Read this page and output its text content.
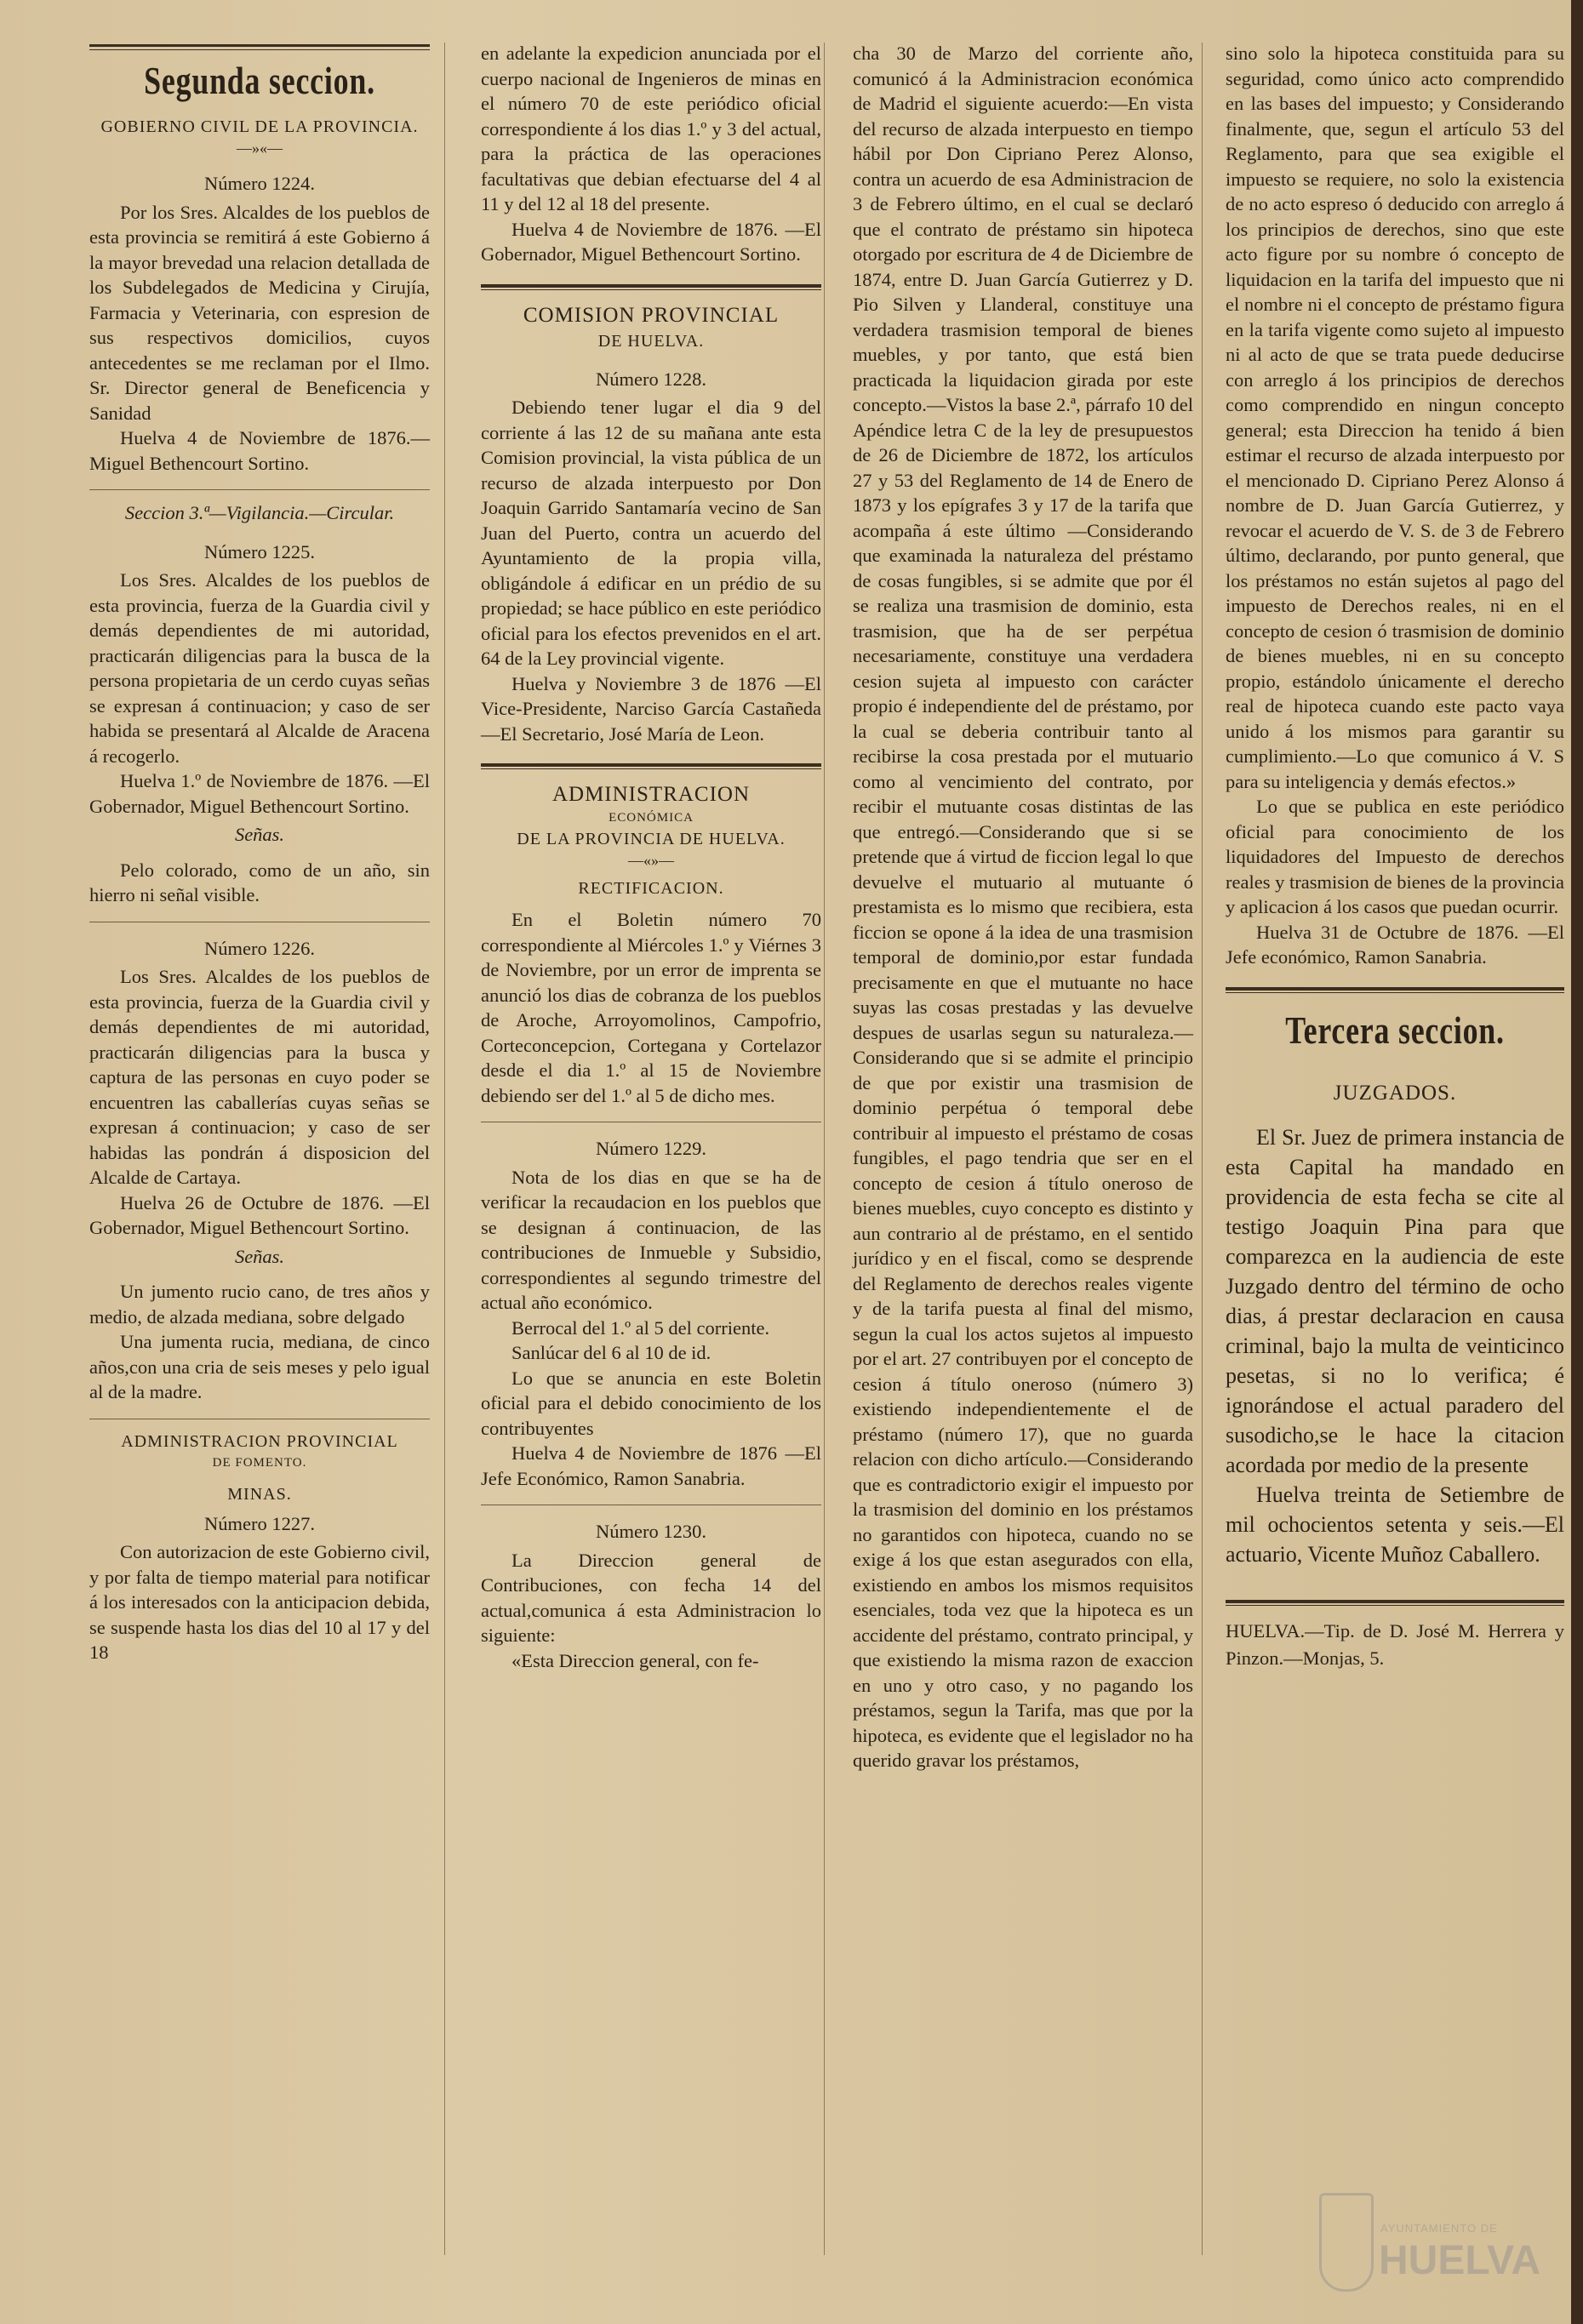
Segunda seccion.
GOBIERNO CIVIL DE LA PROVINCIA.
—»«—
Número 1224.

Por los Sres. Alcaldes de los pueblos de esta provincia se remitirá á este Gobierno á la mayor brevedad una relacion detallada de los Subdelegados de Medicina y Cirujía, Farmacia y Veterinaria, con espresion de sus respectivos domicilios, cuyos antecedentes se me reclaman por el Ilmo. Sr. Director general de Beneficencia y Sanidad

Huelva 4 de Noviembre de 1876.—Miguel Bethencourt Sortino.

Seccion 3.ª—Vigilancia.—Circular.
Número 1225.

Los Sres. Alcaldes de los pueblos de esta provincia, fuerza de la Guardia civil y demás dependientes de mi autoridad, practicarán diligencias para la busca de la persona propietaria de un cerdo cuyas señas se expresan á continuacion; y caso de ser habida se presentará al Alcalde de Aracena á recogerlo.

Huelva 1.º de Noviembre de 1876. —El Gobernador, Miguel Bethencourt Sortino.

Señas.

Pelo colorado, como de un año, sin hierro ni señal visible.

Número 1226.

Los Sres. Alcaldes de los pueblos de esta provincia, fuerza de la Guardia civil y demás dependientes de mi autoridad, practicarán diligencias para la busca y captura de las personas en cuyo poder se encuentren las caballerías cuyas señas se expresan á continuacion; y caso de ser habidas las pondrán á disposicion del Alcalde de Cartaya.

Huelva 26 de Octubre de 1876. —El Gobernador, Miguel Bethencourt Sortino.

Señas.

Un jumento rucio cano, de tres años y medio, de alzada mediana, sobre delgado

Una jumenta rucia, mediana, de cinco años,con una cria de seis meses y pelo igual al de la madre.

ADMINISTRACION PROVINCIAL
DE FOMENTO.
MINAS.
Número 1227.

Con autorizacion de este Gobierno civil, y por falta de tiempo material para notificar á los interesados con la anticipacion debida, se suspende hasta los dias del 10 al 17 y del 18

en adelante la expedicion anunciada por el cuerpo nacional de Ingenieros de minas en el número 70 de este periódico oficial correspondiente á los dias 1.º y 3 del actual, para la práctica de las operaciones facultativas que debian efectuarse del 4 al 11 y del 12 al 18 del presente.

Huelva 4 de Noviembre de 1876. —El Gobernador, Miguel Bethencourt Sortino.

COMISION PROVINCIAL
DE HUELVA.
Número 1228.

Debiendo tener lugar el dia 9 del corriente á las 12 de su mañana ante esta Comision provincial, la vista pública de un recurso de alzada interpuesto por Don Joaquin Garrido Santamaría vecino de San Juan del Puerto, contra un acuerdo del Ayuntamiento de la propia villa, obligándole á edificar en un prédio de su propiedad; se hace público en este periódico oficial para los efectos prevenidos en el art. 64 de la Ley provincial vigente.

Huelva y Noviembre 3 de 1876 —El Vice-Presidente, Narciso García Castañeda —El Secretario, José María de Leon.

ADMINISTRACION
ECONÓMICA
DE LA PROVINCIA DE HUELVA.
—«»—
RECTIFICACION.

En el Boletin número 70 correspondiente al Miércoles 1.º y Viérnes 3 de Noviembre, por un error de imprenta se anunció los dias de cobranza de los pueblos de Aroche, Arroyomolinos, Campofrio, Corteconcepcion, Cortegana y Cortelazor desde el dia 1.º al 15 de Noviembre debiendo ser del 1.º al 5 de dicho mes.

Número 1229.

Nota de los dias en que se ha de verificar la recaudacion en los pueblos que se designan á continuacion, de las contribuciones de Inmueble y Subsidio, correspondientes al segundo trimestre del actual año económico.

Berrocal del 1.º al 5 del corriente.

Sanlúcar del 6 al 10 de id.

Lo que se anuncia en este Boletin oficial para el debido conocimiento de los contribuyentes

Huelva 4 de Noviembre de 1876 —El Jefe Económico, Ramon Sanabria.

Número 1230.

La Direccion general de Contribuciones, con fecha 14 del actual,comunica á esta Administracion lo siguiente:

«Esta Direccion general, con fe-

cha 30 de Marzo del corriente año, comunicó á la Administracion económica de Madrid el siguiente acuerdo:—En vista del recurso de alzada interpuesto en tiempo hábil por Don Cipriano Perez Alonso, contra un acuerdo de esa Administracion de 3 de Febrero último, en el cual se declaró que el contrato de préstamo sin hipoteca otorgado por escritura de 4 de Diciembre de 1874, entre D. Juan García Gutierrez y D. Pio Silven y Llanderal, constituye una verdadera trasmision temporal de bienes muebles, y por tanto, que está bien practicada la liquidacion girada por este concepto.—Vistos la base 2.ª, párrafo 10 del Apéndice letra C de la ley de presupuestos de 26 de Diciembre de 1872, los artículos 27 y 53 del Reglamento de 14 de Enero de 1873 y los epígrafes 3 y 17 de la tarifa que acompaña á este último —Considerando que examinada la naturaleza del préstamo de cosas fungibles, si se admite que por él se realiza una trasmision de dominio, esta trasmision, que ha de ser perpétua necesariamente, constituye una verdadera cesion sujeta al impuesto con carácter propio é independiente del de préstamo, por la cual se deberia contribuir tanto al recibirse la cosa prestada por el mutuario como al vencimiento del contrato, por recibir el mutuante cosas distintas de las que entregó.—Considerando que si se pretende que á virtud de ficcion legal lo que devuelve el mutuario al mutuante ó prestamista es lo mismo que recibiera, esta ficcion se opone á la idea de una trasmision temporal de dominio,por estar fundada precisamente en que el mutuante no hace suyas las cosas prestadas y las devuelve despues de usarlas segun su naturaleza.—Considerando que si se admite el principio de que por existir una trasmision de dominio perpétua ó temporal debe contribuir al impuesto el préstamo de cosas fungibles, el pago tendria que ser en el concepto de cesion á título oneroso de bienes muebles, cuyo concepto es distinto y aun contrario al de préstamo, en el sentido jurídico y en el fiscal, como se desprende del Reglamento de derechos reales vigente y de la tarifa puesta al final del mismo, segun la cual los actos sujetos al impuesto por el art. 27 contribuyen por el concepto de cesion á título oneroso (número 3) existiendo independientemente el de préstamo (número 17), que no guarda relacion con dicho artículo.—Considerando que es contradictorio exigir el impuesto por la trasmision del dominio en los préstamos no garantidos con hipoteca, cuando no se exige á los que estan asegurados con ella, existiendo en ambos los mismos requisitos esenciales, toda vez que la hipoteca es un accidente del préstamo, contrato principal, y que existiendo la misma razon de exaccion en uno y otro caso, y no pagando los préstamos, segun la Tarifa, mas que por la hipoteca, es evidente que el legislador no ha querido gravar los préstamos,

sino solo la hipoteca constituida para su seguridad, como único acto comprendido en las bases del impuesto; y Considerando finalmente, que, segun el artículo 53 del Reglamento, para que sea exigible el impuesto se requiere, no solo la existencia de no acto espreso ó deducido con arreglo á los principios de derechos, sino que este acto figure por su nombre ó concepto de liquidacion en la tarifa del impuesto que ni el nombre ni el concepto de préstamo figura en la tarifa vigente como sujeto al impuesto ni al acto de que se trata puede deducirse con arreglo á los principios de derechos como comprendido en ningun concepto general; esta Direccion ha tenido á bien estimar el recurso de alzada interpuesto por el mencionado D. Cipriano Perez Alonso á nombre de D. Juan García Gutierrez, y revocar el acuerdo de V. S. de 3 de Febrero último, declarando, por punto general, que los préstamos no están sujetos al pago del impuesto de Derechos reales, ni en el concepto de cesion ó trasmision de dominio de bienes muebles, ni en su concepto propio, estándolo únicamente el derecho real de hipoteca cuando este pacto vaya unido á los mismos para garantir su cumplimiento.—Lo que comunico á V. S para su inteligencia y demás efectos.»

Lo que se publica en este periódico oficial para conocimiento de los liquidadores del Impuesto de derechos reales y trasmision de bienes de la provincia y aplicacion á los casos que puedan ocurrir.

Huelva 31 de Octubre de 1876. —El Jefe económico, Ramon Sanabria.

Tercera seccion.
JUZGADOS.

El Sr. Juez de primera instancia de esta Capital ha mandado en providencia de esta fecha se cite al testigo Joaquin Pina para que comparezca en la audiencia de este Juzgado dentro del término de ocho dias, á prestar declaracion en causa criminal, bajo la multa de veinticinco pesetas, si no lo verifica; é ignorándose el actual paradero del susodicho,se le hace la citacion acordada por medio de la presente

Huelva treinta de Setiembre de mil ochocientos setenta y seis.—El actuario, Vicente Muñoz Caballero.

HUELVA.—Tip. de D. José M. Herrera y Pinzon.—Monjas, 5.

AYUNTAMIENTO DE
HUELVA
